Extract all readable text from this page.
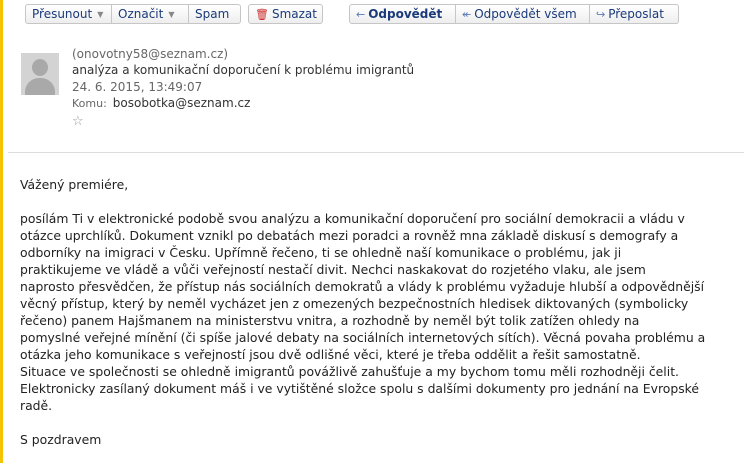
Přesunout ▼	Označit ▼	Spam	🗑 Smazat	← Odpovědět	↞ Odpovědět všem	↪ Přeposlat
(onovotny58@seznam.cz)
analýza a komunikační doporučení k problému imigrantů
24. 6. 2015, 13:49:07
Komu: bosobotka@seznam.cz
☆

Vážený premiére,

posílám Ti v elektronické podobě svou analýzu a komunikační doporučení pro sociální demokracii a vládu v

otázce uprchlíků. Dokument vznikl po debatách mezi poradci a rovněž mna základě diskusí s demografy a

odborníky na imigraci v Česku. Upřímně řečeno, ti se ohledně naší komunikace o problému, jak ji

praktikujeme ve vládě a vůči veřejností nestačí divit. Nechci naskakovat do rozjetého vlaku, ale jsem

naprosto přesvědčen, že přístup nás sociálních demokratů a vlády k problému vyžaduje hlubší a odpovědnější

věcný přístup, který by neměl vycházet jen z omezených bezpečnostních hledisek diktovaných (symbolicky

řečeno) panem Hajšmanem na ministerstvu vnitra, a rozhodně by neměl být tolik zatížen ohledy na

pomyslné veřejné mínění (či spíše jalové debaty na sociálních internetových sítích). Věcná povaha problému a

otázka jeho komunikace s veřejností jsou dvě odlišné věci, které je třeba oddělit a řešit samostatně.

Situace ve společnosti se ohledně imigrantů povážlivě zahušťuje a my bychom tomu měli rozhodněji čelit.

Elektronicky zasílaný dokument máš i ve vytištěné složce spolu s dalšími dokumenty pro jednání na Evropské

radě.

S pozdravem
